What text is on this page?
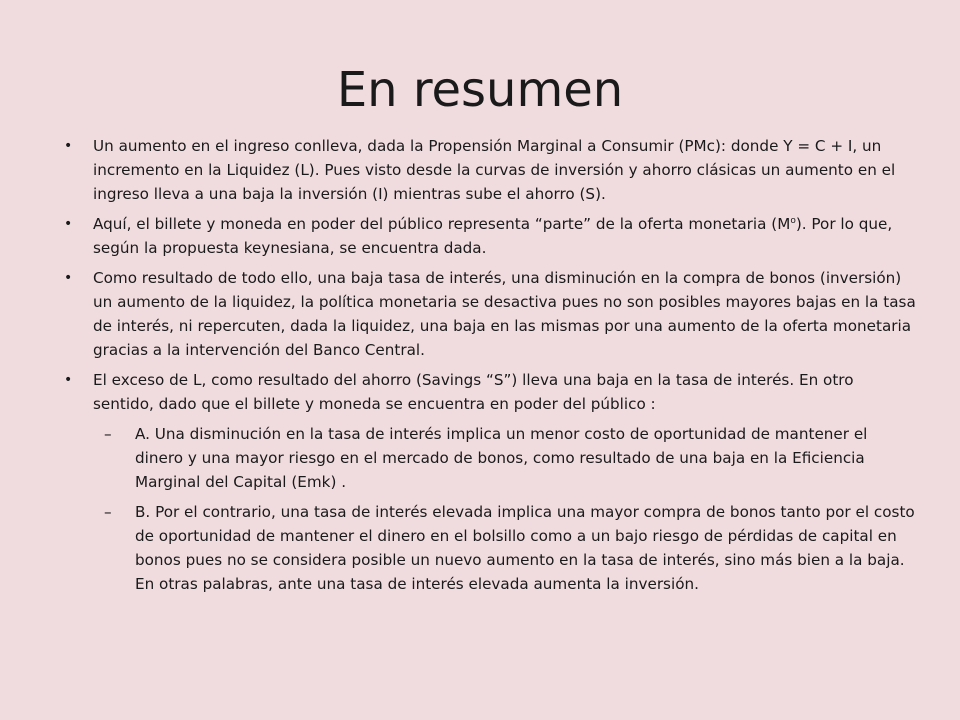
En resumen
• Un aumento en el ingreso conlleva, dada la Propensión Marginal a Consumir (PMc): donde Y = C + I, un incremento en la Liquidez (L). Pues visto desde la curvas de inversión y ahorro clásicas un aumento en el ingreso lleva a una baja la inversión (I) mientras sube el ahorro (S).
• Aquí, el billete y moneda en poder del público representa “parte” de la oferta monetaria $(M^o)$. Por lo que, según la propuesta keynesiana, se encuentra dada.
• Como resultado de todo ello, una baja tasa de interés, una disminución en la compra de bonos (inversión) un aumento de la liquidez, la política monetaria se desactiva pues no son posibles mayores bajas en la tasa de interés, ni repercuten, dada la liquidez, una baja en las mismas por una aumento de la oferta monetaria gracias a la intervención del Banco Central.
• El exceso de L, como resultado del ahorro (Savings “S”) lleva una baja en la tasa de interés. En otro sentido, dado que el billete y moneda se encuentra en poder del público :
– A. Una disminución en la tasa de interés implica un menor costo de oportunidad de mantener el dinero y una mayor riesgo en el mercado de bonos, como resultado de una baja en la Eficiencia Marginal del Capital (Emk) .
– B. Por el contrario, una tasa de interés elevada implica una mayor compra de bonos tanto por el costo de oportunidad de mantener el dinero en el bolsillo como a un bajo riesgo de pérdidas de capital en bonos pues no se considera posible un nuevo aumento en la tasa de interés, sino más bien a la baja. En otras palabras, ante una tasa de interés elevada aumenta la inversión.
